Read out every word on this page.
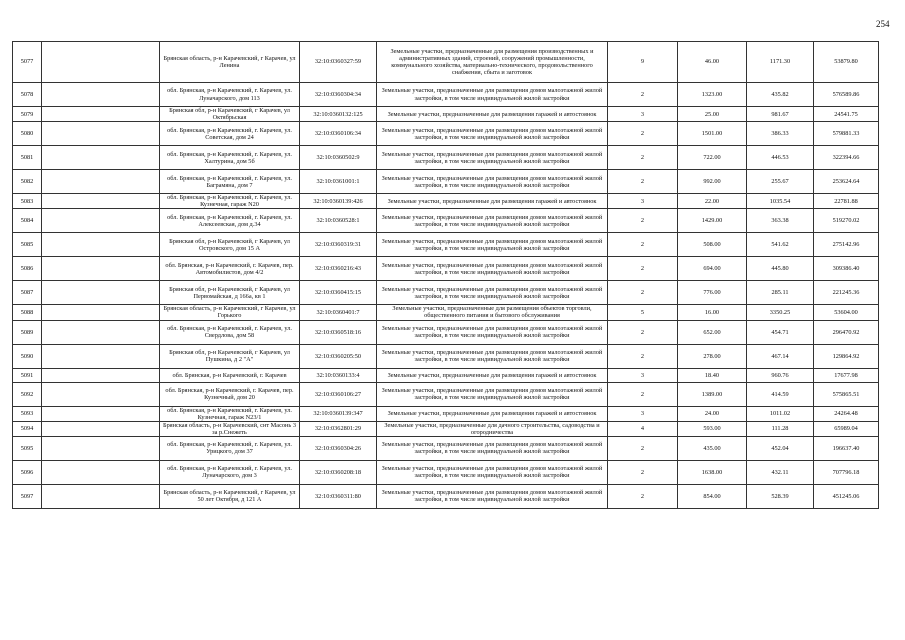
254
5077		Брянская область, р-н Карачевский, г Карачев, ул Ленина	32:10:0360327:59	Земельные участки, предназначенные для размещения производственных и административных зданий, строений, сооружений промышленности, коммунального хозяйства, материально-технического, продовольственного снабжения, сбыта и заготовок	9	46.00	1171.30	53879.80
5078		обл. Брянская, р-н Карачевский, г. Карачев, ул. Луначарского, дом 113	32:10:0360304:34	Земельные участки, предназначенные для размещения домов малоэтажной жилой застройки, в том числе индивидуальной жилой застройки	2	1323.00	435.82	576589.86
5079		Брянская обл, р-н Карачевский, г Карачев, ул Октябрьская	32:10:0360132:125	Земельные участки, предназначенные для размещения гаражей и автостоянок	3	25.00	981.67	24541.75
5080		обл. Брянская, р-н Карачевский, г. Карачев, ул. Советская, дом 24	32:10:0360106:34	Земельные участки, предназначенные для размещения домов малоэтажной жилой застройки, в том числе индивидуальной жилой застройки	2	1501.00	386.33	579881.33
5081		обл. Брянская, р-н Карачевский, г. Карачев, ул. Халтурина, дом 5б	32:10:0360502:9	Земельные участки, предназначенные для размещения домов малоэтажной жилой застройки, в том числе индивидуальной жилой застройки	2	722.00	446.53	322394.66
5082		обл. Брянская, р-н Карачевский, г. Карачев, ул. Баграмяна, дом 7	32:10:0361001:1	Земельные участки, предназначенные для размещения домов малоэтажной жилой застройки, в том числе индивидуальной жилой застройки	2	992.00	255.67	253624.64
5083		обл. Брянская, р-н Карачевский, г. Карачев, ул. Кузнечная, гараж N20	32:10:0360139:426	Земельные участки, предназначенные для размещения гаражей и автостоянок	3	22.00	1035.54	22781.88
5084		обл. Брянская, р-н Карачевский, г. Карачев, ул. Алексеевская, дом д.34	32:10:0360528:1	Земельные участки, предназначенные для размещения домов малоэтажной жилой застройки, в том числе индивидуальной жилой застройки	2	1429.00	363.38	519270.02
5085		Брянская обл, р-н Карачевский, г Карачев, ул Островского, дом 15 А	32:10:0360319:31	Земельные участки, предназначенные для размещения домов малоэтажной жилой застройки, в том числе индивидуальной жилой застройки	2	508.00	541.62	275142.96
5086		обл. Брянская, р-н Карачевский, г. Карачев, пер. Автомобилистов, дом 4/2	32:10:0360216:43	Земельные участки, предназначенные для размещения домов малоэтажной жилой застройки, в том числе индивидуальной жилой застройки	2	694.00	445.80	309386.40
5087		Брянская обл, р-н Карачевский, г Карачев, ул Первомайская, д 166а, кв 1	32:10:0360415:15	Земельные участки, предназначенные для размещения домов малоэтажной жилой застройки, в том числе индивидуальной жилой застройки	2	776.00	285.11	221245.36
5088		Брянская область, р-н Карачевский, г Карачев, ул Горького	32:10:0360401:7	Земельные участки, предназначенные для размещения объектов торговли, общественного питания и бытового обслуживания	5	16.00	3350.25	53604.00
5089		обл. Брянская, р-н Карачевский, г. Карачев, ул. Свердлова, дом 58	32:10:0360518:16	Земельные участки, предназначенные для размещения домов малоэтажной жилой застройки, в том числе индивидуальной жилой застройки	2	652.00	454.71	296470.92
5090		Брянская обл, р-н Карачевский, г Карачев, ул Пушкина, д 2 "А"	32:10:0360205:50	Земельные участки, предназначенные для размещения домов малоэтажной жилой застройки, в том числе индивидуальной жилой застройки	2	278.00	467.14	129864.92
5091		обл. Брянская, р-н Карачевский, г. Карачев	32:10:0360133:4	Земельные участки, предназначенные для размещения гаражей и автостоянок	3	18.40	960.76	17677.98
5092		обл. Брянская, р-н Карачевский, г. Карачев, пер. Кузнечный, дом 20	32:10:0360106:27	Земельные участки, предназначенные для размещения домов малоэтажной жилой застройки, в том числе индивидуальной жилой застройки	2	1389.00	414.59	575865.51
5093		обл. Брянская, р-н Карачевский, г. Карачев, ул. Кузнечная, гараж N23/1	32:10:0360139:347	Земельные участки, предназначенные для размещения гаражей и автостоянок	3	24.00	1011.02	24264.48
5094		Брянская область, р-н Карачевский, снт Масонь 3 за р.Снежеть	32:10:0362801:29	Земельные участки, предназначенные для дачного строительства, садоводства и огородничества	4	593.00	111.28	65989.04
5095		обл. Брянская, р-н Карачевский, г. Карачев, ул. Урицкого, дом 37	32:10:0360304:26	Земельные участки, предназначенные для размещения домов малоэтажной жилой застройки, в том числе индивидуальной жилой застройки	2	435.00	452.04	196637.40
5096		обл. Брянская, р-н Карачевский, г. Карачев, ул. Луначарского, дом 3	32:10:0360208:18	Земельные участки, предназначенные для размещения домов малоэтажной жилой застройки, в том числе индивидуальной жилой застройки	2	1638.00	432.11	707796.18
5097		Брянская область, р-н Карачевский, г Карачев, ул 50 лет Октября, д 121 А	32:10:0360311:80	Земельные участки, предназначенные для размещения домов малоэтажной жилой застройки, в том числе индивидуальной жилой застройки	2	854.00	528.39	451245.06
